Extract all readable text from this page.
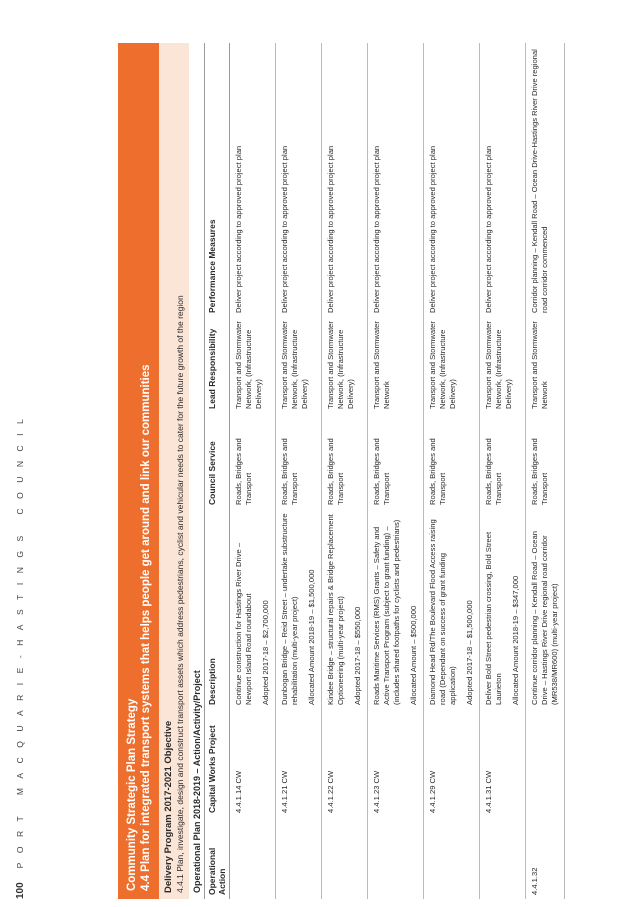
100
PORT MACQUARIE-HASTINGS COUNCIL	Community Strategic Plan Strategy 4.4 Plan for integrated transport systems that helps people get around and link our communities Delivery Program 2017-2021 Objective 4.4.1 Plan, investigate, design and construct transport assets which address pedestrians, cyclist and vehicular needs to cater for the future growth of the region Operational Plan 2018-2019 – Action/Activity/Project Operational Action	Capital Works Project	Description	Council Service	Lead Responsibility	Performance Measures
	4.4.1.14 CW	Continue construction for Hastings River Drive – Newport Island Road roundabout Adopted 2017-18 – $2,700,000	Roads, Bridges and Transport	Transport and Stormwater Network, (Infrastructure Delivery)	Deliver project according to approved project plan
	4.4.1.21 CW	Dunbogan Bridge – Reid Street – undertake substructure rehabilitation (multi-year project) Allocated Amount 2018-19 – $1,500,000	Roads, Bridges and Transport	Transport and Stormwater Network, (Infrastructure Delivery)	Deliver project according to approved project plan
	4.4.1.22 CW	Kindee Bridge – structural repairs & Bridge Replacement Optioneering (multi-year project) Adopted 2017-18 – $550,000	Roads, Bridges and Transport	Transport and Stormwater Network, (Infrastructure Delivery)	Deliver project according to approved project plan
	4.4.1.23 CW	Roads Maritime Services (RMS) Grants – Safety and Active Transport Program (subject to grant funding) – (includes shared footpaths for cyclists and pedestrians) Allocated Amount – $500,000	Roads, Bridges and Transport	Transport and Stormwater Network	Deliver project according to approved project plan
	4.4.1.29 CW	Diamond Head Rd/The Boulevard Flood Access raising road (Dependant on success of grant funding application) Adopted 2017-18 – $1,500,000	Roads, Bridges and Transport	Transport and Stormwater Network, (Infrastructure Delivery)	Deliver project according to approved project plan
	4.4.1.31 CW	Deliver Bold Street pedestrian crossing, Bold Street Laurieton Allocated Amount 2018-19 – $347,000	Roads, Bridges and Transport	Transport and Stormwater Network, (Infrastructure Delivery)	Deliver project according to approved project plan
4.4.1.32		Continue corridor planning – Kendall Road – Ocean Drive – Hastings River Drive regional road corridor (MR538/MR600) (multi-year project)	Roads, Bridges and Transport	Transport and Stormwater Network	Corridor planning – Kendall Road – Ocean Drive-Hastings River Drive regional road corridor commenced
